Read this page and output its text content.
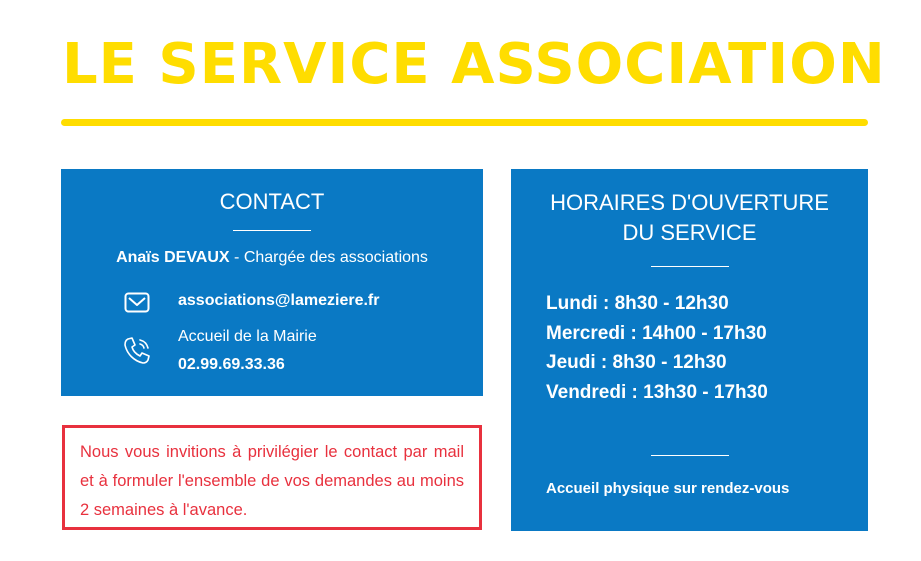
LE SERVICE ASSOCIATION
CONTACT
Anaïs DEVAUX - Chargée des associations
associations@lameziere.fr
Accueil de la Mairie
02.99.69.33.36
HORAIRES D'OUVERTURE
DU SERVICE
Lundi : 8h30 - 12h30
Mercredi : 14h00 - 17h30
Jeudi : 8h30 - 12h30
Vendredi : 13h30 - 17h30
Accueil physique sur rendez-vous

Nous vous invitions à privilégier le contact par mail et à formuler l'ensemble de vos demandes au moins 2 semaines à l'avance.
